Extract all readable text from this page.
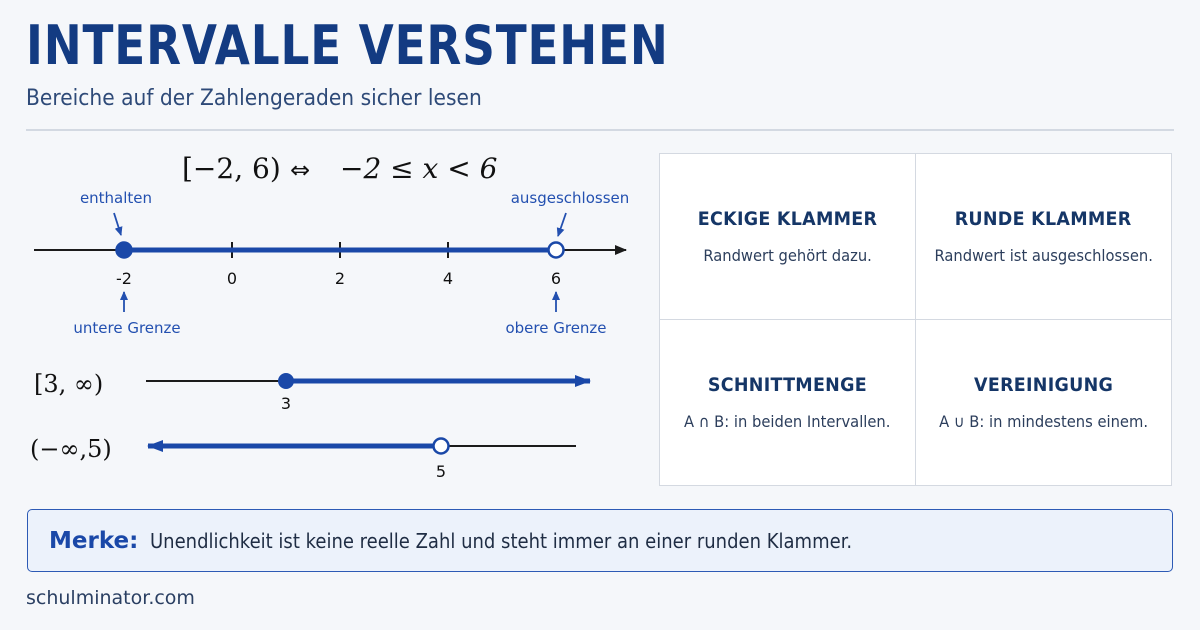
INTERVALLE VERSTEHEN
Bereiche auf der Zahlengeraden sicher lesen
[−2, 6) ⇔ −2 ≤ x < 6
-2	0	2	4	6
enthalten	ausgeschlossen
untere Grenze	obere Grenze
[3, ∞)
3
(−∞,5)
5
ECKIGE KLAMMER
Randwert gehört dazu.
RUNDE KLAMMER
Randwert ist ausgeschlossen.
SCHNITTMENGE
A ∩ B: in beiden Intervallen.
VEREINIGUNG
A ∪ B: in mindestens einem.
Merke: Unendlichkeit ist keine reelle Zahl und steht immer an einer runden Klammer.
schulminator.com
